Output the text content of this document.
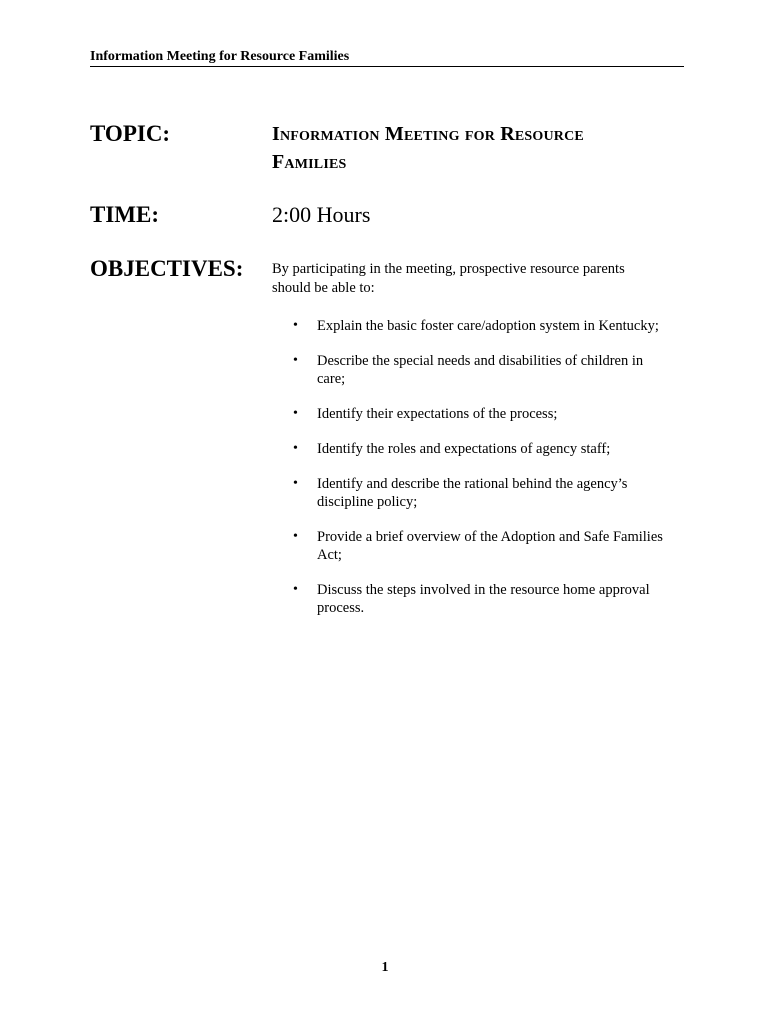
Information Meeting for Resource Families
TOPIC:	Information Meeting for Resource
Families
TIME:	2:00 Hours
OBJECTIVES: By participating in the meeting, prospective resource parents
should be able to:
• Explain the basic foster care/adoption system in Kentucky;
• Describe the special needs and disabilities of children in
care;
• Identify their expectations of the process;
• Identify the roles and expectations of agency staff;
• Identify and describe the rational behind the agency’s
discipline policy;
• Provide a brief overview of the Adoption and Safe Families
Act;
• Discuss the steps involved in the resource home approval
process.
1
